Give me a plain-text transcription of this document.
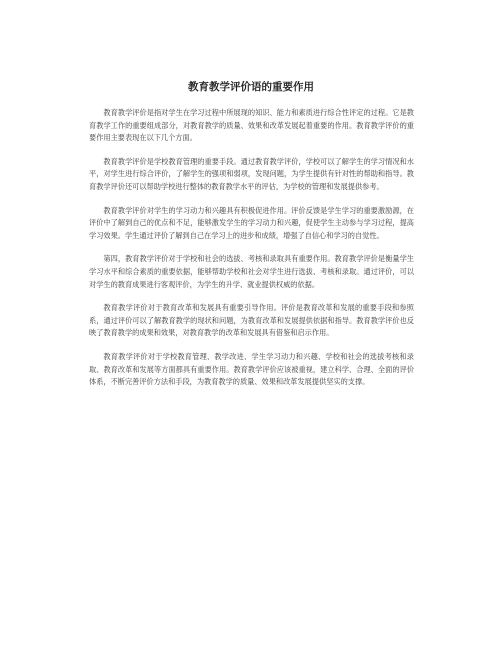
教育教学评价语的重要作用

教育教学评价是指对学生在学习过程中所展现的知识、能力和素质进行综合性评定的过程。它是教育教学工作的重要组成部分，对教育教学的质量、效果和改革发展起着重要的作用。教育教学评价的重要作用主要表现在以下几个方面。

教育教学评价是学校教育管理的重要手段。通过教育教学评价，学校可以了解学生的学习情况和水平，对学生进行综合评价，了解学生的强项和弱项，发现问题，为学生提供有针对性的帮助和指导。教育教学评价还可以帮助学校进行整体的教育教学水平的评估，为学校的管理和发展提供参考。

教育教学评价对学生的学习动力和兴趣具有积极促进作用。评价反馈是学生学习的重要激励源，在评价中了解到自己的优点和不足，能够激发学生的学习动力和兴趣，促使学生主动参与学习过程，提高学习效果。学生通过评价了解到自己在学习上的进步和成绩，增强了自信心和学习的自觉性。

第四，教育教学评价对于学校和社会的选拔、考核和录取具有重要作用。教育教学评价是衡量学生学习水平和综合素质的重要依据，能够帮助学校和社会对学生进行选拔、考核和录取。通过评价，可以对学生的教育成果进行客观评价，为学生的升学、就业提供权威的依据。

教育教学评价对于教育改革和发展具有重要引导作用。评价是教育改革和发展的重要手段和参照系，通过评价可以了解教育教学的现状和问题，为教育改革和发展提供依据和指导。教育教学评价也反映了教育教学的成果和效果，对教育教学的改革和发展具有借鉴和启示作用。

教育教学评价对于学校教育管理、教学改进、学生学习动力和兴趣、学校和社会的选拔考核和录取、教育改革和发展等方面都具有重要作用。教育教学评价应该被重视，建立科学、合理、全面的评价体系，不断完善评价方法和手段，为教育教学的质量、效果和改革发展提供坚实的支撑。
